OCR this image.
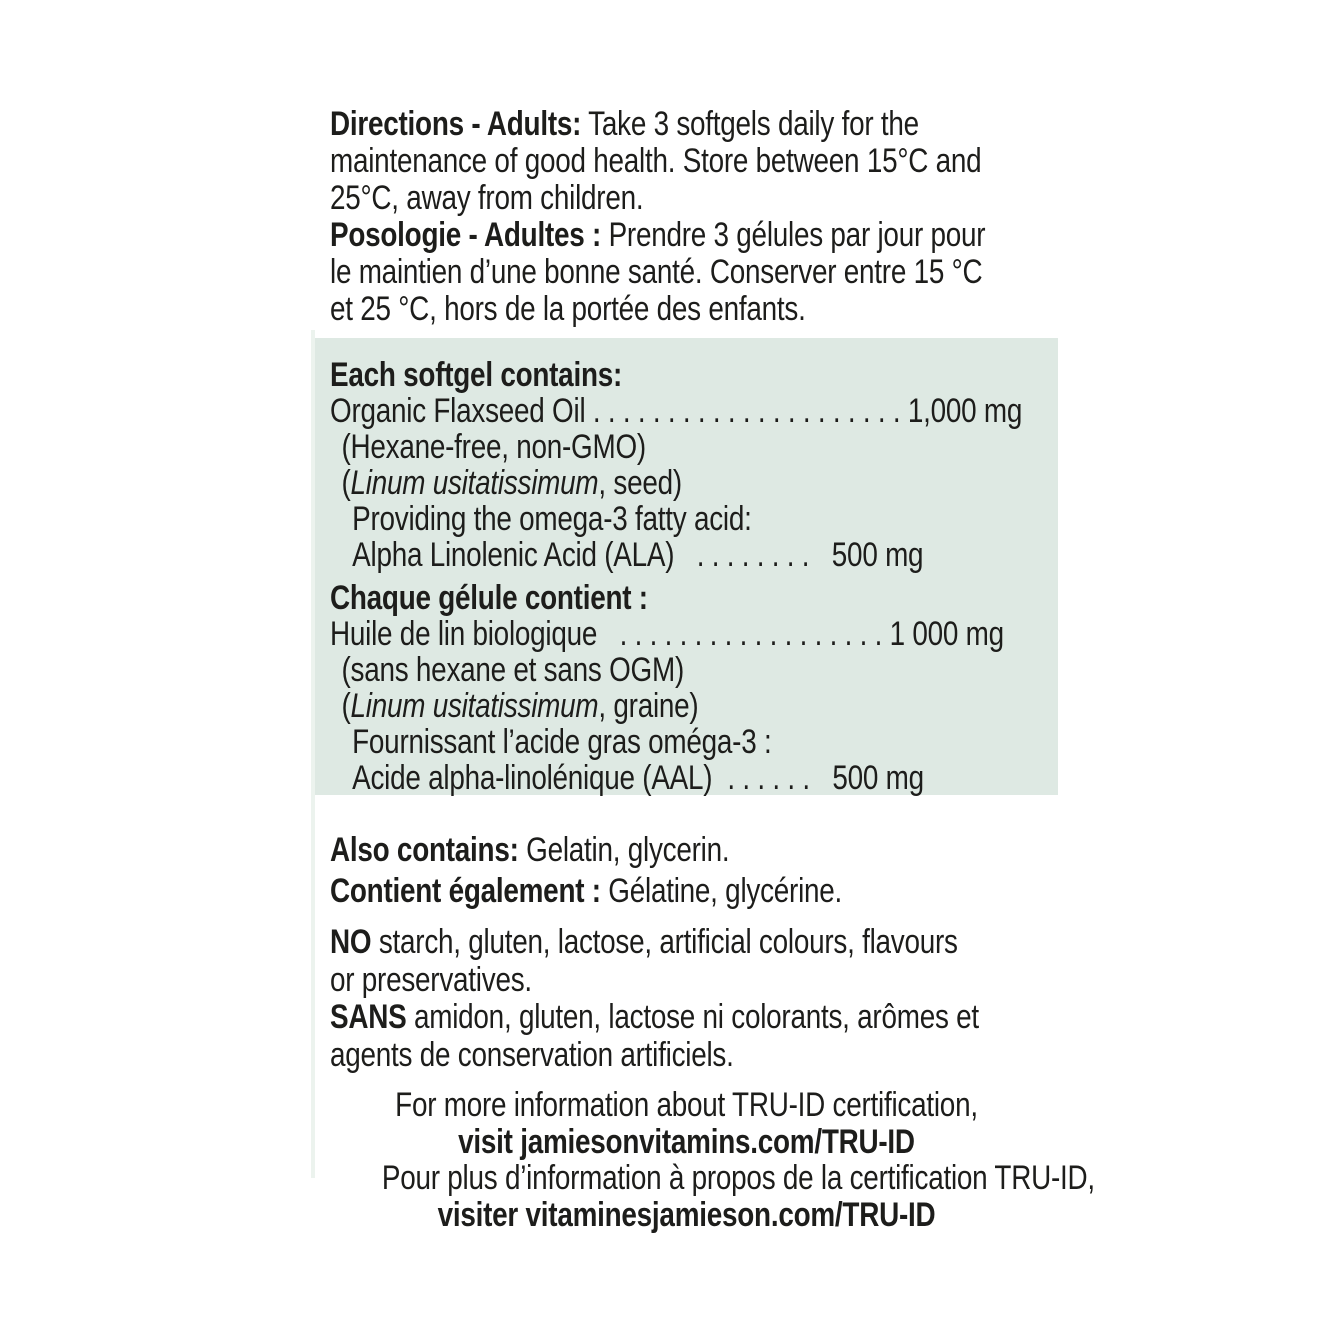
Directions - Adults: Take 3 softgels daily for the
maintenance of good health. Store between 15°C and
25°C, away from children.
Posologie - Adultes : Prendre 3 gélules par jour pour
le maintien d’une bonne santé. Conserver entre 15 °C
et 25 °C, hors de la portée des enfants.
Each softgel contains:
Organic Flaxseed Oil . . . . . . . . . . . . . . . . . . . . . 1,000 mg
(Hexane-free, non-GMO)
(Linum usitatissimum, seed)
Providing the omega-3 fatty acid:
Alpha Linolenic Acid (ALA)   . . . . . . . .   500 mg
Chaque gélule contient :
Huile de lin biologique   . . . . . . . . . . . . . . . . . . 1 000 mg
(sans hexane et sans OGM)
(Linum usitatissimum, graine)
Fournissant l’acide gras oméga-3 :
Acide alpha-linolénique (AAL)  . . . . . .   500 mg
Also contains: Gelatin, glycerin.
Contient également : Gélatine, glycérine.
NO starch, gluten, lactose, artificial colours, flavours
or preservatives.
SANS amidon, gluten, lactose ni colorants, arômes et
agents de conservation artificiels.
For more information about TRU-ID certification,
visit jamiesonvitamins.com/TRU-ID
Pour plus d’information à propos de la certification TRU-ID,
visiter vitaminesjamieson.com/TRU-ID
